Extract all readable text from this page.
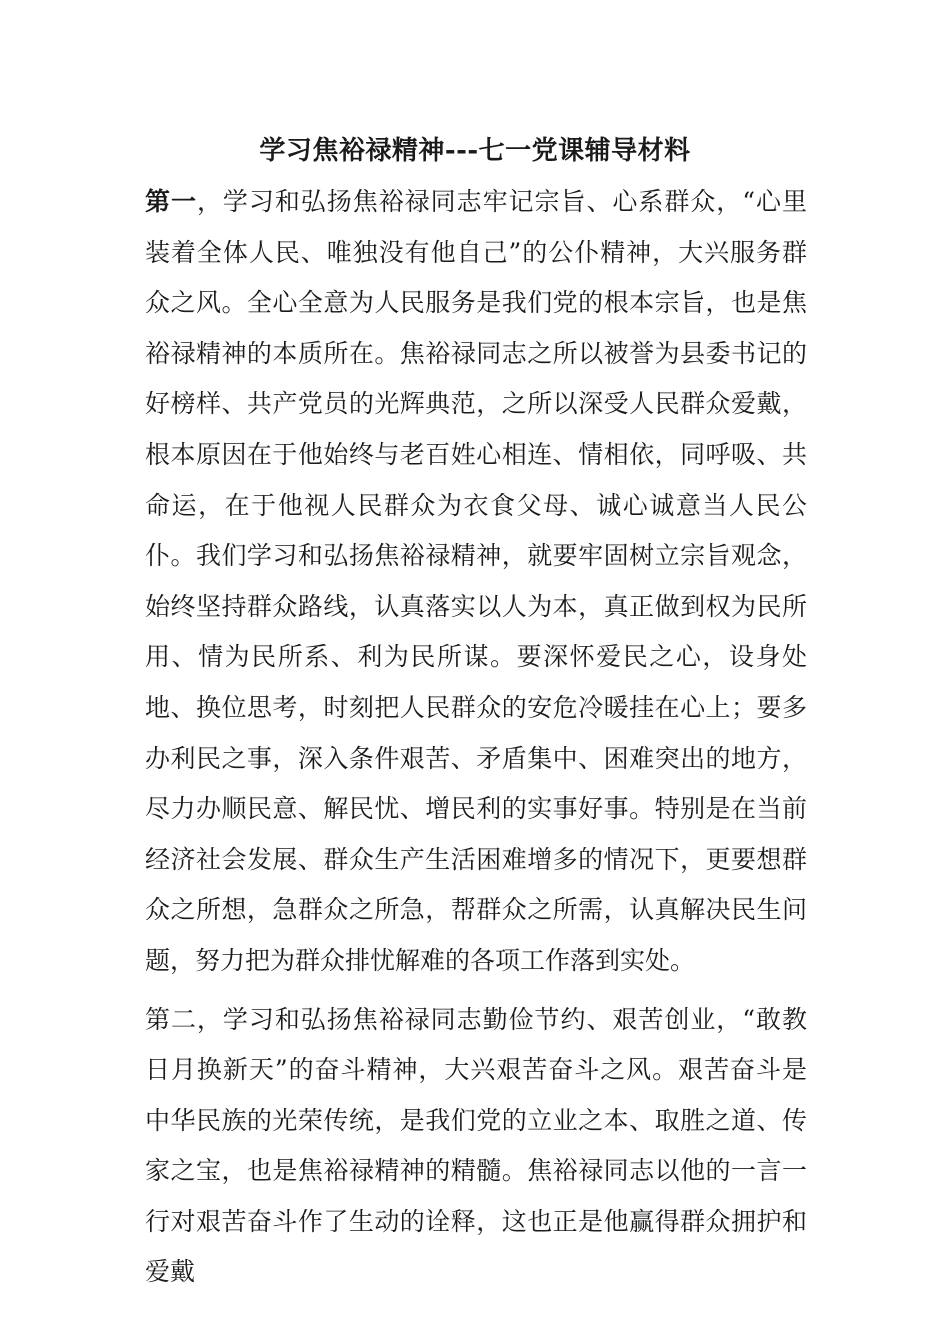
学习焦裕禄精神---七一党课辅导材料

第一，学习和弘扬焦裕禄同志牢记宗旨、心系群众，“心里装着全体人民、唯独没有他自己”的公仆精神，大兴服务群众之风。全心全意为人民服务是我们党的根本宗旨，也是焦裕禄精神的本质所在。焦裕禄同志之所以被誉为县委书记的好榜样、共产党员的光辉典范，之所以深受人民群众爱戴，根本原因在于他始终与老百姓心相连、情相依，同呼吸、共命运，在于他视人民群众为衣食父母、诚心诚意当人民公仆。我们学习和弘扬焦裕禄精神，就要牢固树立宗旨观念，始终坚持群众路线，认真落实以人为本，真正做到权为民所用、情为民所系、利为民所谋。要深怀爱民之心，设身处地、换位思考，时刻把人民群众的安危冷暖挂在心上；要多办利民之事，深入条件艰苦、矛盾集中、困难突出的地方，尽力办顺民意、解民忧、增民利的实事好事。特别是在当前经济社会发展、群众生产生活困难增多的情况下，更要想群众之所想，急群众之所急，帮群众之所需，认真解决民生问题，努力把为群众排忧解难的各项工作落到实处。

第二，学习和弘扬焦裕禄同志勤俭节约、艰苦创业，“敢教日月换新天”的奋斗精神，大兴艰苦奋斗之风。艰苦奋斗是中华民族的光荣传统，是我们党的立业之本、取胜之道、传家之宝，也是焦裕禄精神的精髓。焦裕禄同志以他的一言一行对艰苦奋斗作了生动的诠释，这也正是他赢得群众拥护和爱戴
